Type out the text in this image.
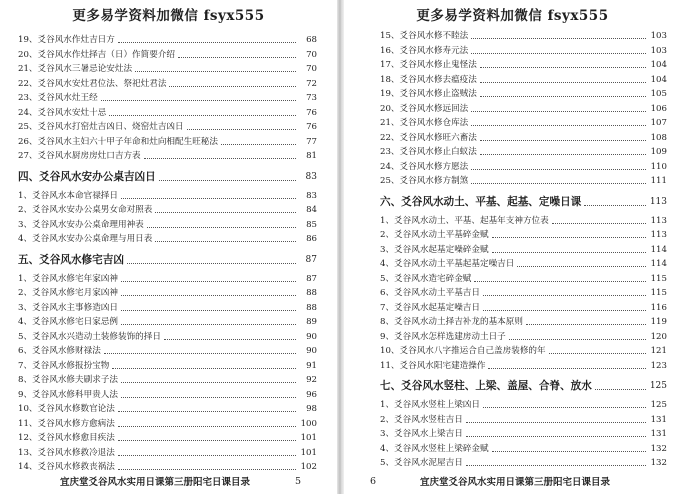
更多易学资料加微信 fsyx555
19、爻谷风水作灶吉日方	68
20、爻谷风水作灶择吉（日）作简要介绍	70
21、爻谷风水三暑忌论安灶法	70
22、爻谷风水安灶君位法、祭祀灶君法	72
23、爻谷风水灶王经	73
24、爻谷风水安灶十忌	76
25、爻谷风水打窑灶吉凶日、烧窑灶吉凶日	76
26、爻谷风水主妇六十甲子年命和灶向相配生旺秘法	77
27、爻谷风水厨房房灶口吉方表	81
四、爻谷风水安办公桌吉凶日	83
1、爻谷风水本命官禄择日	83
2、爻谷风水安办公桌男女命对照表	84
3、爻谷风水安办公桌命理用神表	85
4、爻谷风水安办公桌命理与用日表	86
五、爻谷风水修宅吉凶	87
1、爻谷风水修宅年家凶神	87
2、爻谷风水修宅月家凶神	88
3、爻谷风水主事修造凶日	88
4、爻谷风水修宅日家忌例	89
5、爻谷风水兴造动土装修装饰的择日	90
6、爻谷风水修财禄法	90
7、爻谷风水修报扮宝物	91
8、爻谷风水修夫刷求子法	92
9、爻谷风水修科甲贵人法	96
10、爻谷风水修数官论法	98
11、爻谷风水修方愈病法	100
12、爻谷风水修愈目疾法	101
13、爻谷风水修救冷退法	101
14、爻谷风水修救丧祸法	102
宜庆堂爻谷风水实用日课第三册阳宅日课目录	5
更多易学资料加微信 fsyx555
15、爻谷风水修不睦法	103
16、爻谷风水修寿元法	103
17、爻谷风水修止鬼怪法	104
18、爻谷风水修去瘟疫法	104
19、爻谷风水修止盗贼法	105
20、爻谷风水修远回法	106
21、爻谷风水修仓库法	107
22、爻谷风水修旺六畜法	108
23、爻谷风水修止白蚁法	109
24、爻谷风水修方愿法	110
25、爻谷风水修方制煞	111
六、爻谷风水动土、平基、起基、定噪日课	113
1、爻谷风水动土、平基、起基年支神方位表	113
2、爻谷风水动土平基碎金赋	113
3、爻谷风水起基定噪碎金赋	114
4、爻谷风水动土平基起基定噪吉日	114
5、爻谷风水造宅碎金赋	115
6、爻谷风水动土平基吉日	115
7、爻谷风水起基定噪吉日	116
8、爻谷风水动土择吉补龙的基本原则	119
9、爻谷风水怎样选建房动土日子	120
10、爻谷风水八字推运合自己盖房装修的年	121
11、爻谷风水阳宅建造操作	123
七、爻谷风水竖柱、上梁、盖屋、合脊、放水	125
1、爻谷风水竖柱上梁凶日	125
2、爻谷风水竖柱吉日	131
3、爻谷风水上梁吉日	131
4、爻谷风水竖柱上梁碎金赋	132
5、爻谷风水泥屋吉日	132
6	宜庆堂爻谷风水实用日课第三册阳宅日课目录
